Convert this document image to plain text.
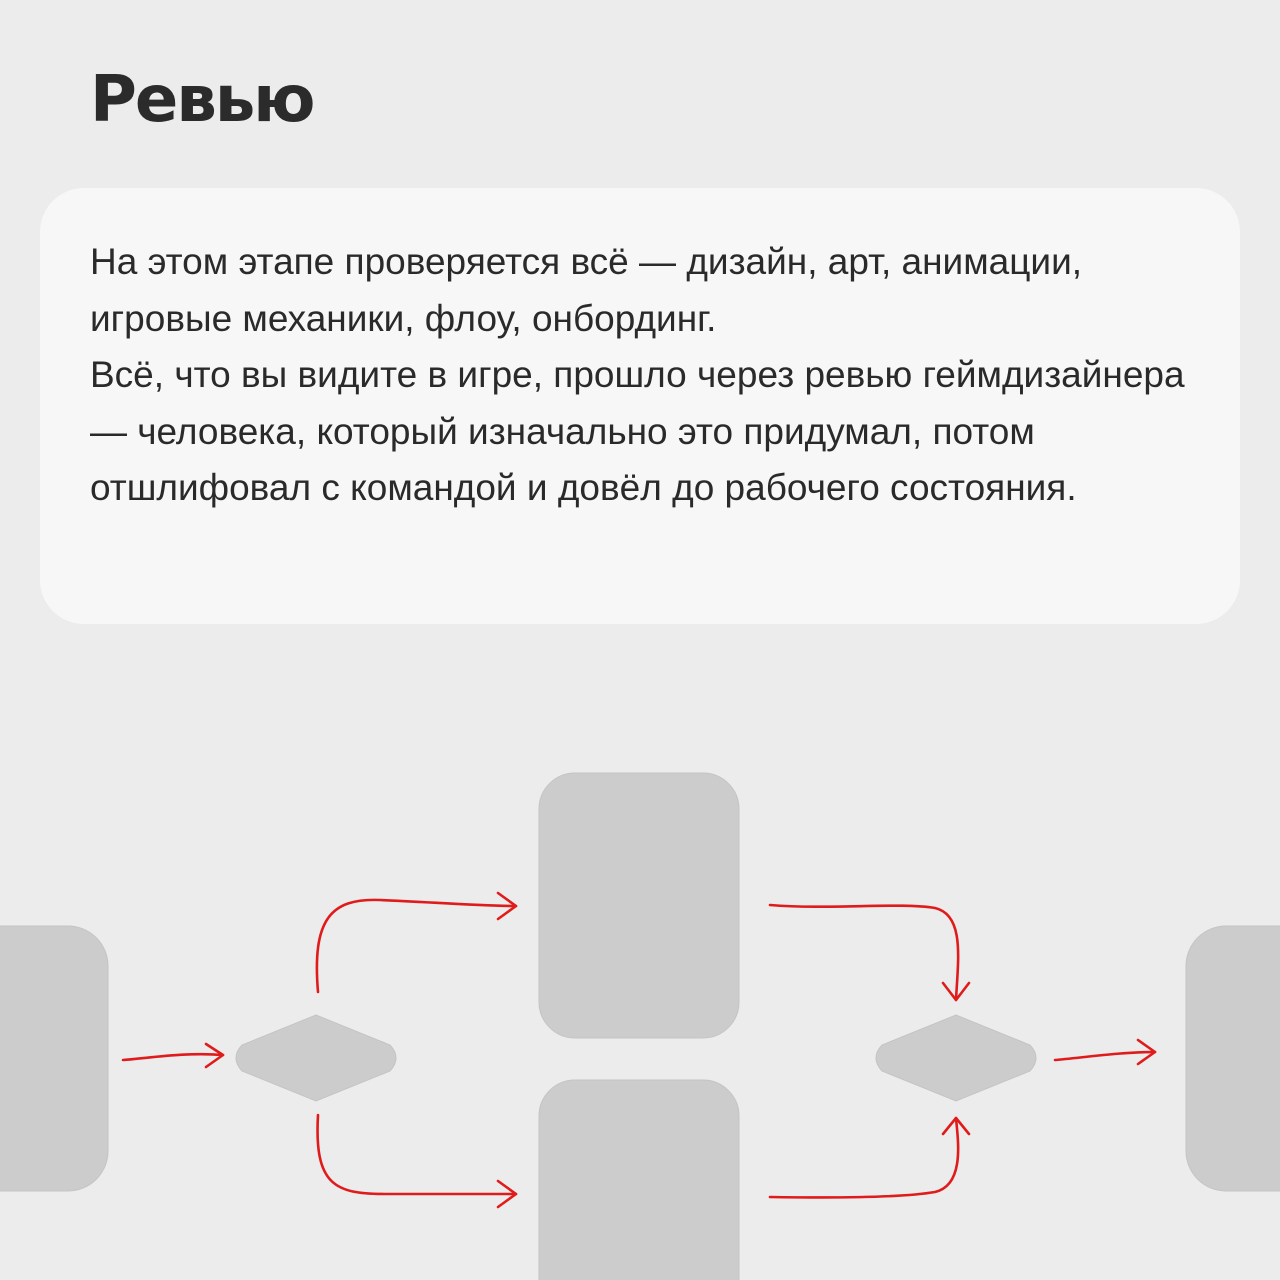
Ревью

На этом этапе проверяется всё — дизайн, арт, анимации, игровые механики, флоу, онбординг.

Всё, что вы видите в игре, прошло через ревью геймдизайнера — человека, который изначально это придумал, потом отшлифовал с командой и довёл до рабочего состояния.
